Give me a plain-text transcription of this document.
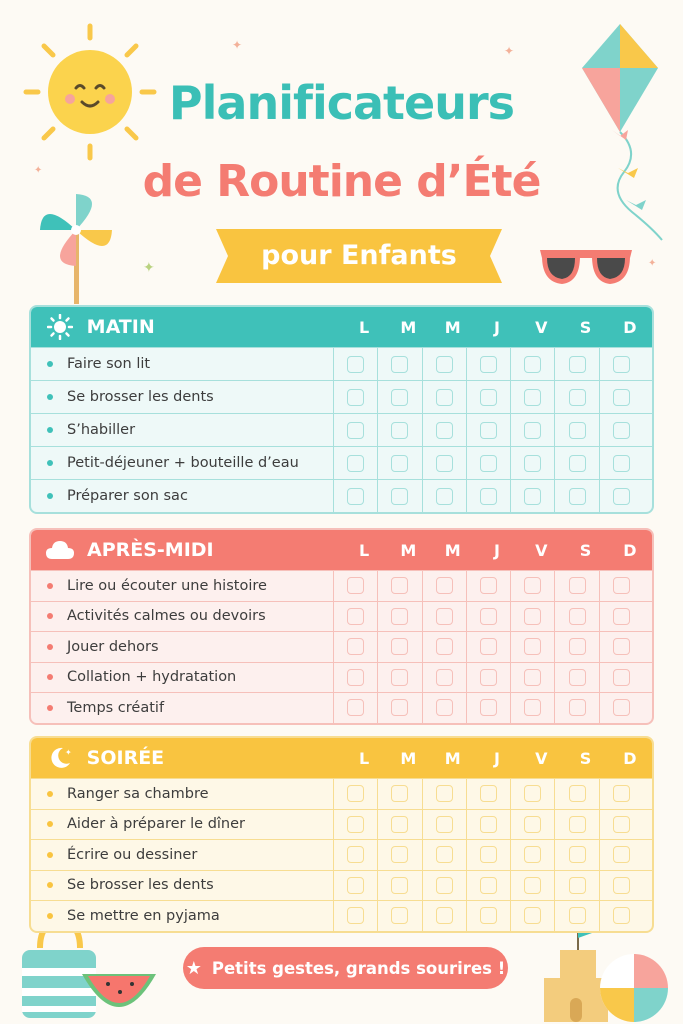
✦	✦
✦
✦
✦
Planificateurs
de Routine d’Été
pour Enfants
MATIN	L	M	M	J	V	S	D
Faire son lit
Se brosser les dents
S’habiller
Petit-déjeuner + bouteille d’eau
Préparer son sac
APRÈS-MIDI	L	M	M	J	V	S	D
Lire ou écouter une histoire
Activités calmes ou devoirs
Jouer dehors
Collation + hydratation
Temps créatif
✦ SOIRÉE	L	M	M	J	V	S	D
Ranger sa chambre
Aider à préparer le dîner
Écrire ou dessiner
Se brosser les dents
Se mettre en pyjama
★ Petits gestes, grands sourires !
